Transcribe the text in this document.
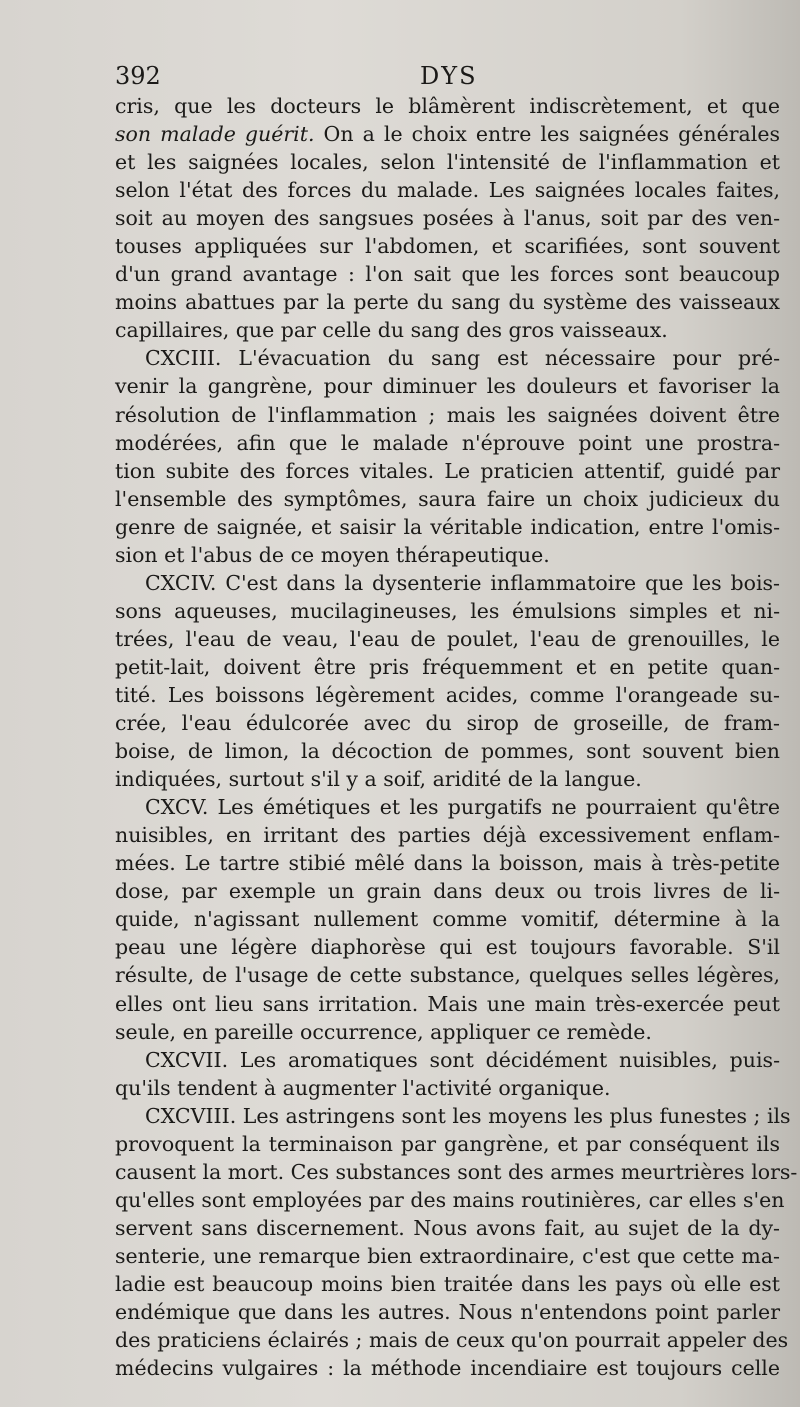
392	DYS
cris, que les docteurs le blâmèrent indiscrètement, et que
son malade guérit. On a le choix entre les saignées générales
et les saignées locales, selon l'intensité de l'inflammation et
selon l'état des forces du malade. Les saignées locales faites,
soit au moyen des sangsues posées à l'anus, soit par des ven-
touses appliquées sur l'abdomen, et scarifiées, sont souvent
d'un grand avantage : l'on sait que les forces sont beaucoup
moins abattues par la perte du sang du système des vaisseaux
capillaires, que par celle du sang des gros vaisseaux.
CXCIII. L'évacuation du sang est nécessaire pour pré-
venir la gangrène, pour diminuer les douleurs et favoriser la
résolution de l'inflammation ; mais les saignées doivent être
modérées, afin que le malade n'éprouve point une prostra-
tion subite des forces vitales. Le praticien attentif, guidé par
l'ensemble des symptômes, saura faire un choix judicieux du
genre de saignée, et saisir la véritable indication, entre l'omis-
sion et l'abus de ce moyen thérapeutique.
CXCIV. C'est dans la dysenterie inflammatoire que les bois-
sons aqueuses, mucilagineuses, les émulsions simples et ni-
trées, l'eau de veau, l'eau de poulet, l'eau de grenouilles, le
petit-lait, doivent être pris fréquemment et en petite quan-
tité. Les boissons légèrement acides, comme l'orangeade su-
crée, l'eau édulcorée avec du sirop de groseille, de fram-
boise, de limon, la décoction de pommes, sont souvent bien
indiquées, surtout s'il y a soif, aridité de la langue.
CXCV. Les émétiques et les purgatifs ne pourraient qu'être
nuisibles, en irritant des parties déjà excessivement enflam-
mées. Le tartre stibié mêlé dans la boisson, mais à très-petite
dose, par exemple un grain dans deux ou trois livres de li-
quide, n'agissant nullement comme vomitif, détermine à la
peau une légère diaphorèse qui est toujours favorable. S'il
résulte, de l'usage de cette substance, quelques selles légères,
elles ont lieu sans irritation. Mais une main très-exercée peut
seule, en pareille occurrence, appliquer ce remède.
CXCVII. Les aromatiques sont décidément nuisibles, puis-
qu'ils tendent à augmenter l'activité organique.
CXCVIII. Les astringens sont les moyens les plus funestes ; ils
provoquent la terminaison par gangrène, et par conséquent ils
causent la mort. Ces substances sont des armes meurtrières lors-
qu'elles sont employées par des mains routinières, car elles s'en
servent sans discernement. Nous avons fait, au sujet de la dy-
senterie, une remarque bien extraordinaire, c'est que cette ma-
ladie est beaucoup moins bien traitée dans les pays où elle est
endémique que dans les autres. Nous n'entendons point parler
des praticiens éclairés ; mais de ceux qu'on pourrait appeler des
médecins vulgaires : la méthode incendiaire est toujours celle
